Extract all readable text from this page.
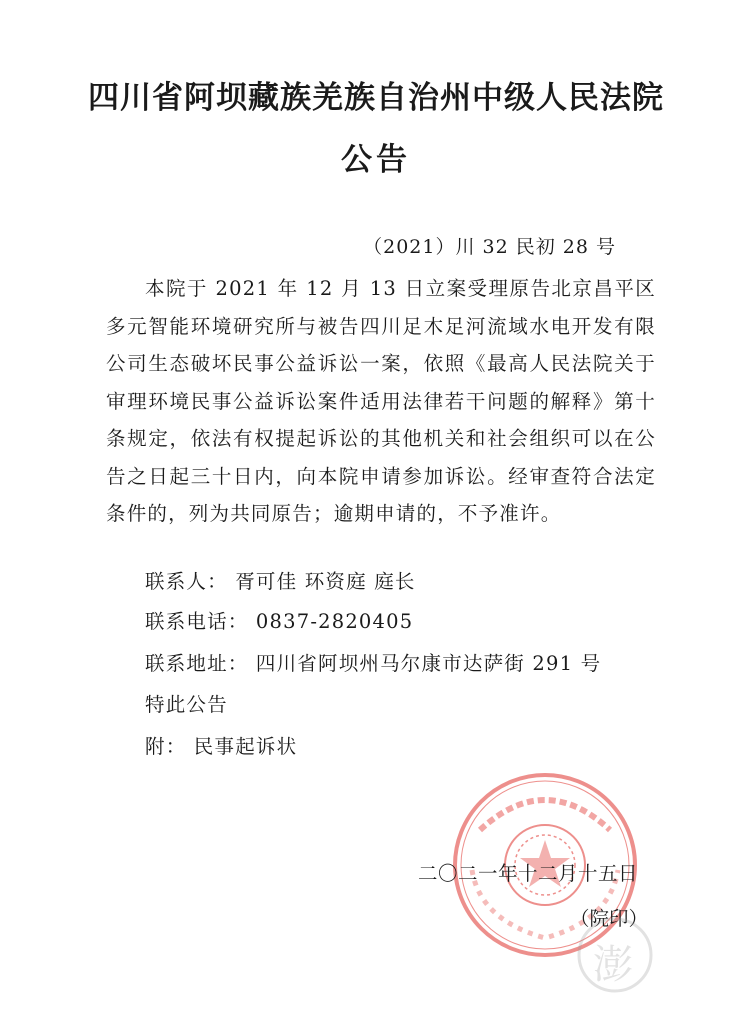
四川省阿坝藏族羌族自治州中级人民法院
公告
（2021）川 32 民初 28 号

本院于 2021 年 12 月 13 日立案受理原告北京昌平区多元智能环境研究所与被告四川足木足河流域水电开发有限公司生态破坏民事公益诉讼一案，依照《最高人民法院关于审理环境民事公益诉讼案件适用法律若干问题的解释》第十条规定，依法有权提起诉讼的其他机关和社会组织可以在公告之日起三十日内，向本院申请参加诉讼。经审查符合法定条件的，列为共同原告；逾期申请的，不予准许。

联系人： 胥可佳 环资庭 庭长
联系电话： 0837-2820405
联系地址： 四川省阿坝州马尔康市达萨街 291 号
特此公告
附： 民事起诉状
二〇二一年十二月十五日
（院印）
澎
